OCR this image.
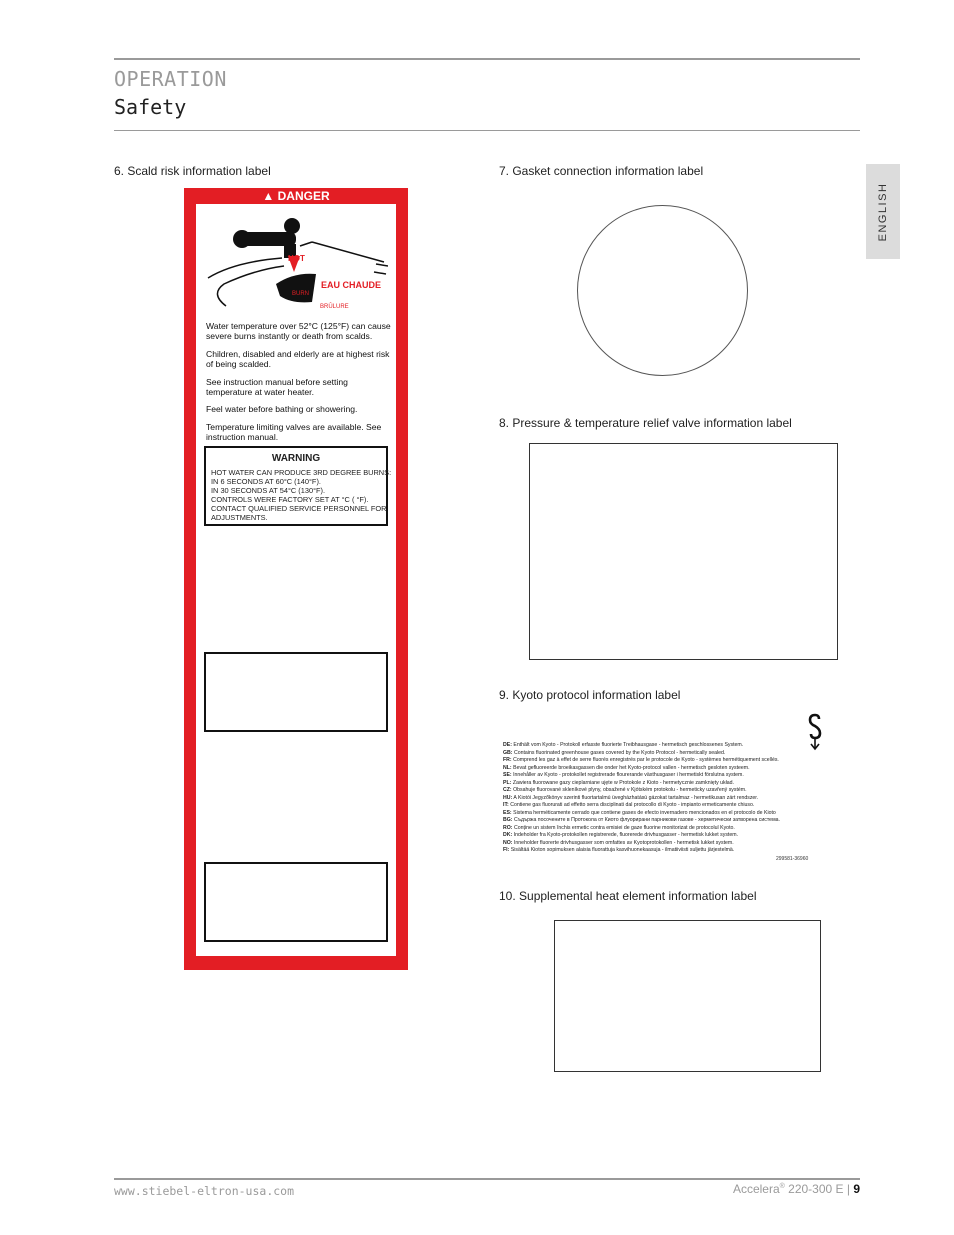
OPERATION
Safety
ENGLISH
6. Scald risk information label	7. Gasket connection information label
8. Pressure & temperature relief valve information label
9. Kyoto protocol information label
10. Supplemental heat element information label
▲ DANGER
HOT
EAU CHAUDE
BURN
BRÛLURE
Water temperature over 52°C (125°F) can cause severe burns instantly or death from scalds.
Children, disabled and elderly are at highest risk of being scalded.
See instruction manual before setting temperature at water heater.
Feel water before bathing or showering.
Temperature limiting valves are available. See instruction manual.
WARNING
HOT WATER CAN PRODUCE 3RD DEGREE BURNS:
IN 6 SECONDS AT 60°C (140°F).
IN 30 SECONDS AT 54°C (130°F).
CONTROLS WERE FACTORY SET AT °C ( °F).
CONTACT QUALIFIED SERVICE PERSONNEL FOR
ADJUSTMENTS.
DE: Enthält vom Kyoto - Protokoll erfasste fluorierte Treibhausgase - hermetisch geschlossenes System.
GB: Contains fluorinated greenhouse gases covered by the Kyoto Protocol - hermetically sealed.
FR: Comprend les gaz à effet de serre fluorés enregistrés par le protocole de Kyoto - systèmes hermétiquement scellés.
NL: Bevat gefluoreerde broeikasgassen die onder het Kyoto-protocol vallen - hermetisch gesloten systeem.
SE: Innehåller av Kyoto - protokollet registrerade flourerande växthusgaser i hermetiskt förslutna system.
PL: Zawiera fluorowane gazy cieplarniane ujęte w Protokole z Kioto - hermetycznie zamknięty układ.
CZ: Obsahuje fluorované skleníkové plyny, obsažené v Kjótském protokolu - hermeticky uzavřený systém.
HU: A Kiotói Jegyzőkönyv szerinti fluortartalmú üvegházhatású gázokat tartalmaz - hermetikusan zárt rendszer.
IT: Contiene gas fluorurati ad effetto serra disciplinati dal protocollo di Kyoto - impianto ermeticamente chiuso.
ES: Sistema herméticamente cerrado que contiene gases de efecto invernadero mencionados en el protocolo de Kioto
BG: Съдържа посочените в Протокола от Киото флуорирани парникови газове - херметически затворена система.
RO: Conține un sistem închis ermetic contra emisiei de gaze fluorine monitorizat de protocolul Kyoto.
DK: Indeholder fra Kyoto-protokollen registrerede, fluorerede drivhusgasser - hermetisk lukket system.
NO: Inneholder fluorerte drivhusgasser som omfattes av Kyotoprotokollen - hermetisk lukket system.
FI: Sisältää Kioton sopimuksen alaisia fluorattuja kasvihuonekaasuja - ilmatiiviisti suljettu järjestelmä.
299581-36960
www.stiebel-eltron-usa.com	Accelera® 220-300 E | 9
